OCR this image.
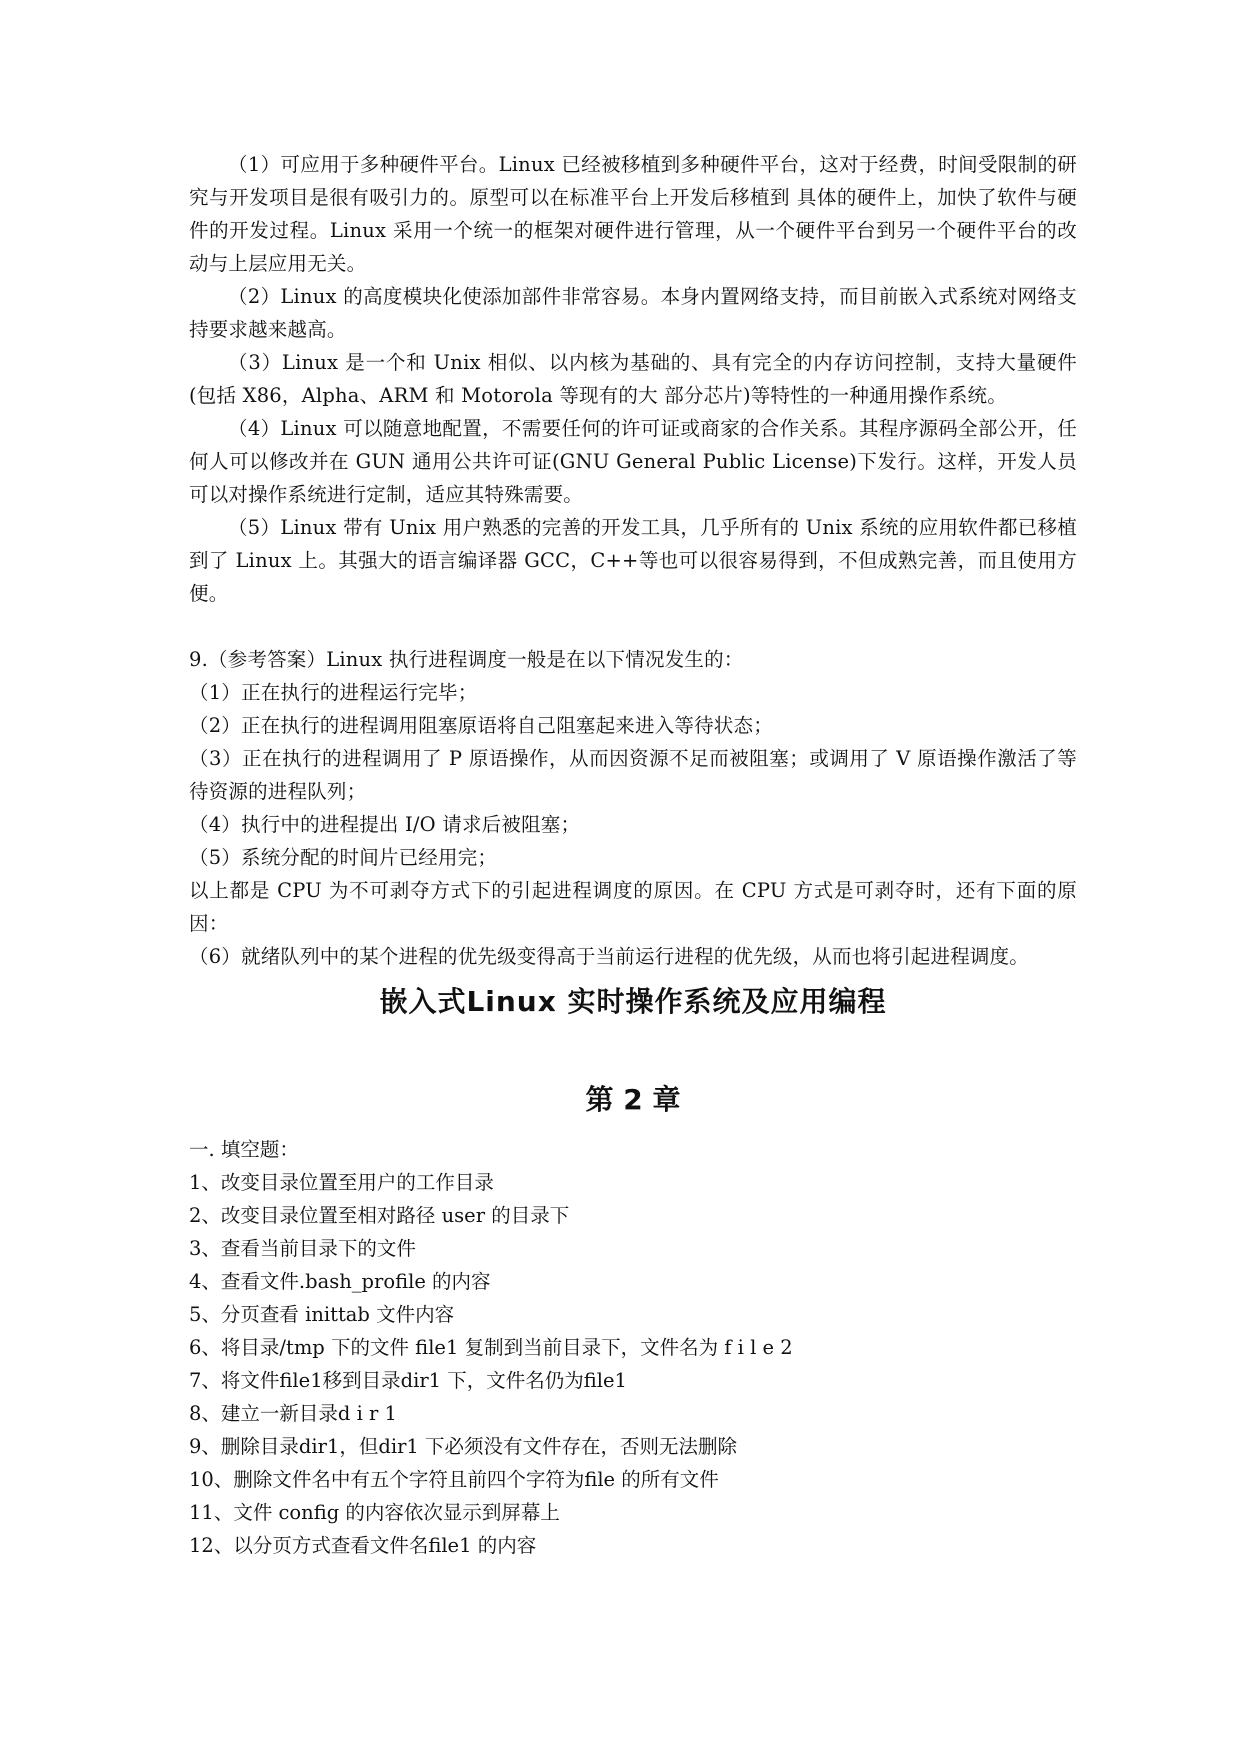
（1）可应用于多种硬件平台。Linux 已经被移植到多种硬件平台，这对于经费，时间受限制的研究与开发项目是很有吸引力的。原型可以在标准平台上开发后移植到 具体的硬件上，加快了软件与硬件的开发过程。Linux 采用一个统一的框架对硬件进行管理，从一个硬件平台到另一个硬件平台的改动与上层应用无关。

（2）Linux 的高度模块化使添加部件非常容易。本身内置网络支持，而目前嵌入式系统对网络支持要求越来越高。

（3）Linux 是一个和 Unix 相似、以内核为基础的、具有完全的内存访问控制，支持大量硬件(包括 X86，Alpha、ARM 和 Motorola 等现有的大 部分芯片)等特性的一种通用操作系统。

（4）Linux 可以随意地配置，不需要任何的许可证或商家的合作关系。其程序源码全部公开，任何人可以修改并在 GUN 通用公共许可证(GNU General Public License)下发行。这样，开发人员可以对操作系统进行定制，适应其特殊需要。

（5）Linux 带有 Unix 用户熟悉的完善的开发工具，几乎所有的 Unix 系统的应用软件都已移植到了 Linux 上。其强大的语言编译器 GCC，C++等也可以很容易得到，不但成熟完善，而且使用方便。

9.（参考答案）Linux 执行进程调度一般是在以下情况发生的：

（1）正在执行的进程运行完毕；

（2）正在执行的进程调用阻塞原语将自己阻塞起来进入等待状态；

（3）正在执行的进程调用了 P 原语操作，从而因资源不足而被阻塞；或调用了 V 原语操作激活了等待资源的进程队列；

（4）执行中的进程提出 I/O 请求后被阻塞；

（5）系统分配的时间片已经用完；

以上都是 CPU 为不可剥夺方式下的引起进程调度的原因。在 CPU 方式是可剥夺时，还有下面的原因：

（6）就绪队列中的某个进程的优先级变得高于当前运行进程的优先级，从而也将引起进程调度。

嵌入式Linux 实时操作系统及应用编程
第 2 章

一. 填空题：

1、改变目录位置至用户的工作目录

2、改变目录位置至相对路径 user 的目录下

3、查看当前目录下的文件

4、查看文件.bash_profile 的内容

5、分页查看 inittab 文件内容

6、将目录/tmp 下的文件 file1 复制到当前目录下，文件名为 f i l e 2

7、将文件file1移到目录dir1 下，文件名仍为file1

8、建立一新目录d i r 1

9、删除目录dir1，但dir1 下必须没有文件存在，否则无法删除

10、删除文件名中有五个字符且前四个字符为file 的所有文件

11、文件 config 的内容依次显示到屏幕上

12、以分页方式查看文件名file1 的内容
